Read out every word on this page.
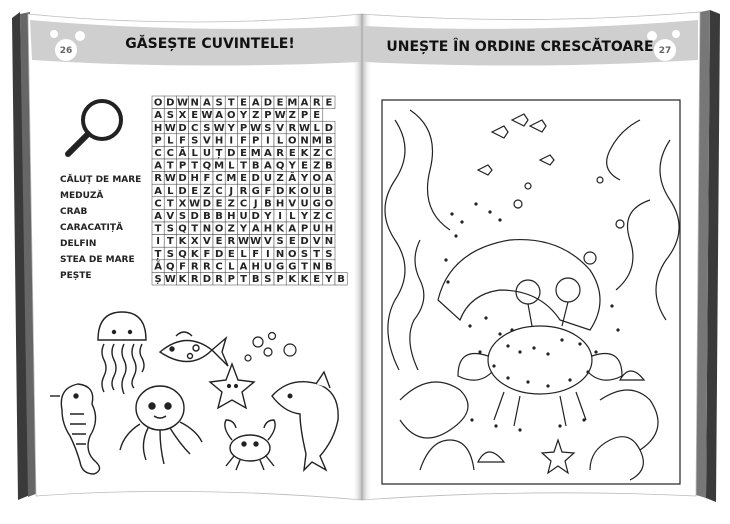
26	27
GĂSEȘTE CUVINTELE!	UNEȘTE ÎN ORDINE CRESCĂTOARE
CĂLUȚ DE MARE
MEDUZĂ
CRAB
CARACATIȚĂ
DELFIN
STEA DE MARE
PEȘTE
O D W N A S T E A D E M A R E
A S X E W A O Y Z P W Z P E
H W D C S W Y P W S V R W L D
P L F S V H I F P I L O N M B
C C Ă L U Ț D E M A R E K Z C
A T P T Q M L T B A Q Y E Z B
R W D H F C M E D U Z Ă Y O A
A L D E Z C J R G F D K O U B
C T X W D E Z C J B H V U G O
A V S D B B H U D Y I L Y Z C
T S Q T N O Z Y A H K A P U H
I T K X V E R W W V S E D V N
Ț S Q K F D E L F I N O S T S
Ă Q F R R C L A H U G G T N B
Ș W K R D R P T B S P K K E Y B
